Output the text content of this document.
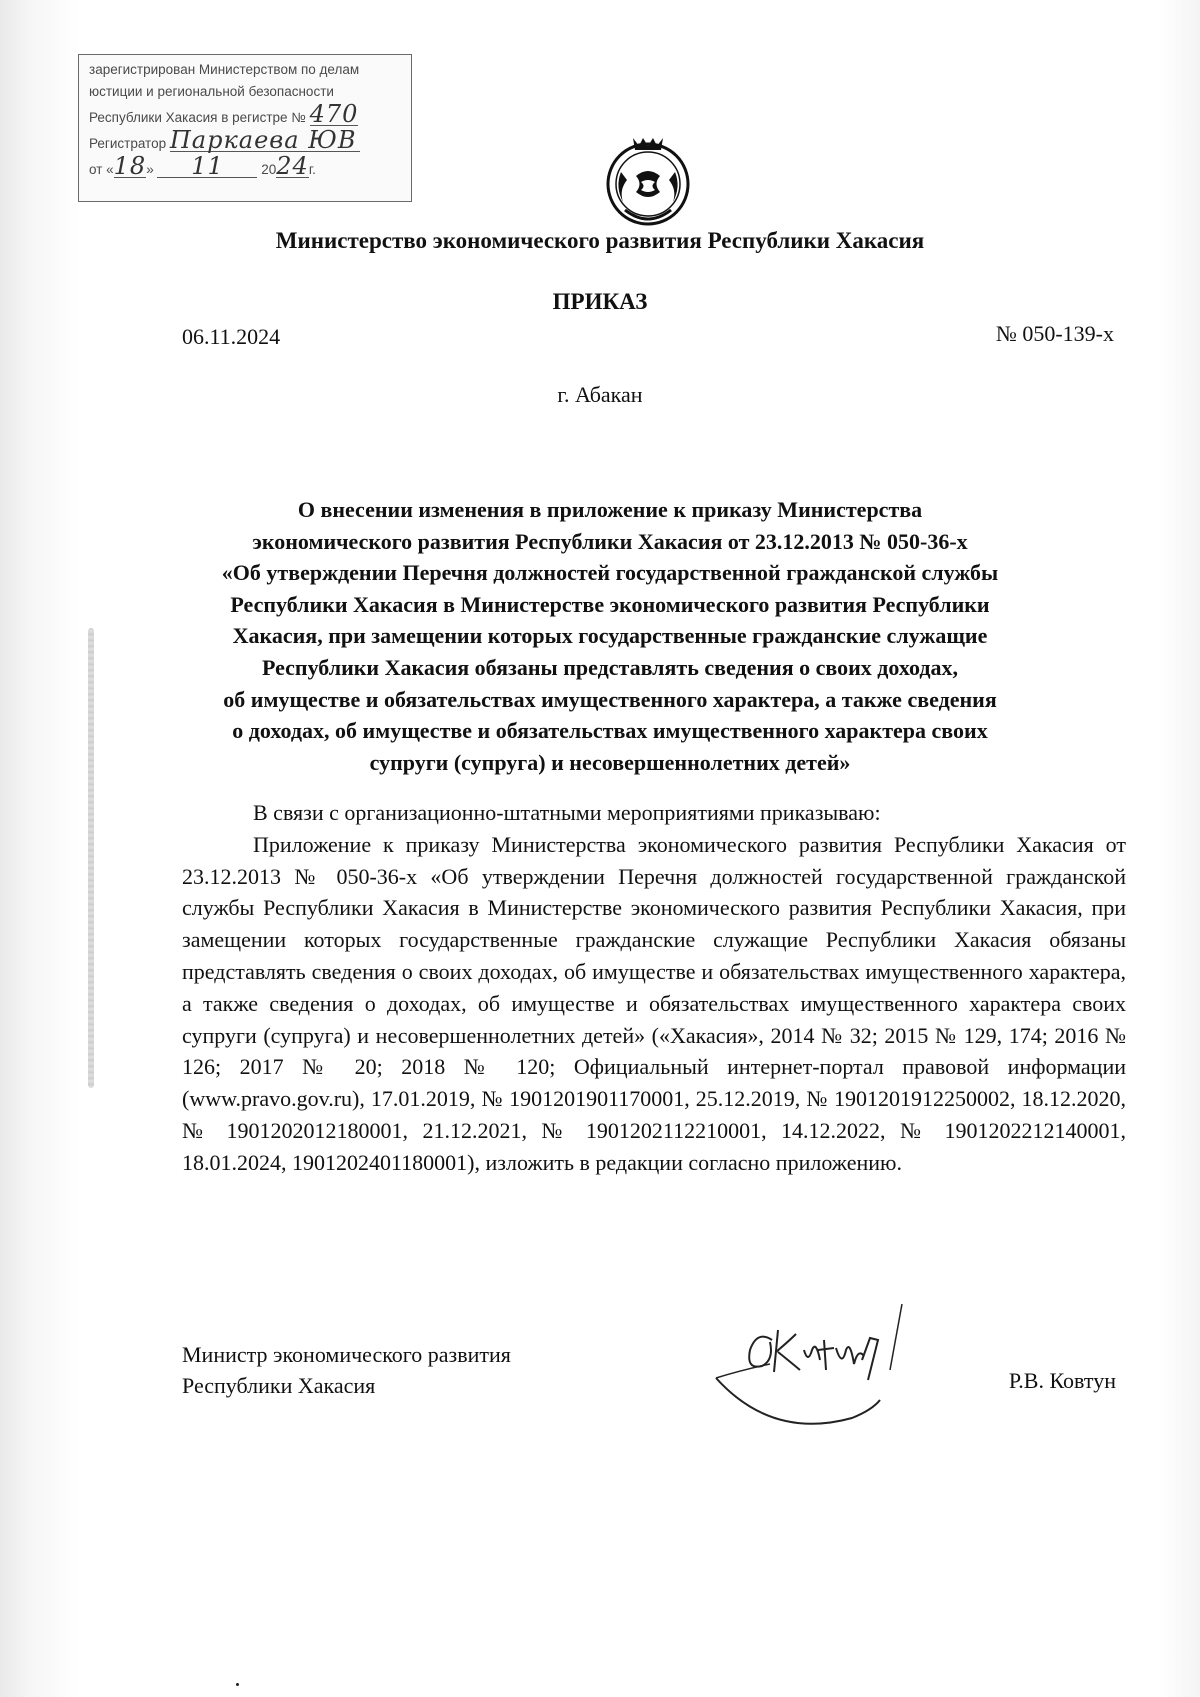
зарегистрирован Министерством по делам
юстиции и региональной безопасности
Республики Хакасия в регистре № 470
Регистратор Паркаева ЮВ
от «18» 11	2024г.
Министерство экономического развития Республики Хакасия
ПРИКАЗ
06.11.2024	№ 050-139-х
г. Абакан
О внесении изменения в приложение к приказу Министерства
экономического развития Республики Хакасия от 23.12.2013 № 050-36-х
«Об утверждении Перечня должностей государственной гражданской службы
Республики Хакасия в Министерстве экономического развития Республики
Хакасия, при замещении которых государственные гражданские служащие
Республики Хакасия обязаны представлять сведения о своих доходах,
об имуществе и обязательствах имущественного характера, а также сведения
о доходах, об имуществе и обязательствах имущественного характера своих
супруги (супруга) и несовершеннолетних детей»

В связи с организационно-штатными мероприятиями приказываю:

Приложение к приказу Министерства экономического развития Республики Хакасия от 23.12.2013 № 050-36-х «Об утверждении Перечня должностей государственной гражданской службы Республики Хакасия в Министерстве экономического развития Республики Хакасия, при замещении которых государственные гражданские служащие Республики Хакасия обязаны представлять сведения о своих доходах, об имуществе и обязательствах имущественного характера, а также сведения о доходах, об имуществе и обязательствах имущественного характера своих супруги (супруга) и несовершеннолетних детей» («Хакасия», 2014 № 32; 2015 № 129, 174; 2016 № 126; 2017 № 20; 2018 № 120; Официальный интернет-портал правовой информации (www.pravo.gov.ru), 17.01.2019, № 1901201901170001, 25.12.2019, № 1901201912250002, 18.12.2020, № 1901202012180001, 21.12.2021, № 1901202112210001, 14.12.2022, № 1901202212140001, 18.01.2024, 1901202401180001), изложить в редакции согласно приложению.

Министр экономического развития
Республики Хакасия	Р.В. Ковтун
